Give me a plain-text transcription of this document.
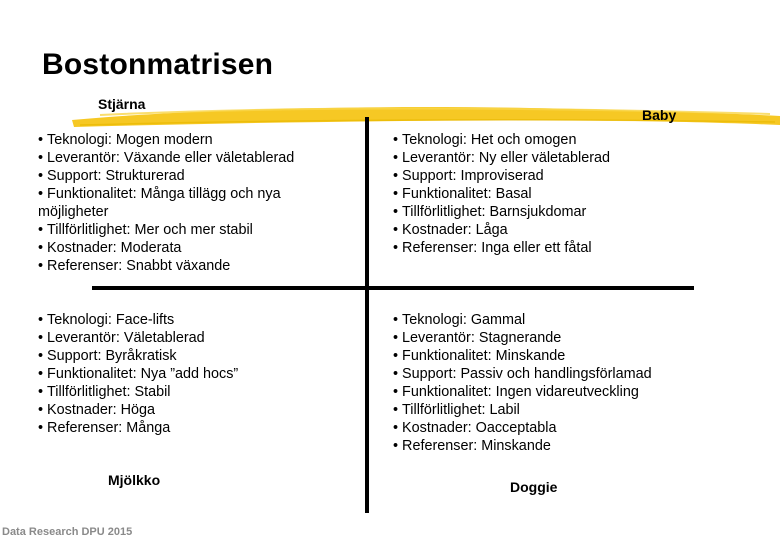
Bostonmatrisen
Stjärna
Baby
• Teknologi: Mogen modern
• Leverantör: Växande eller väletablerad
• Support: Strukturerad
• Funktionalitet: Många tillägg och nya möjligheter
• Tillförlitlighet: Mer och mer stabil
• Kostnader: Moderata
• Referenser: Snabbt växande
• Teknologi: Het och omogen
• Leverantör: Ny eller väletablerad
• Support: Improviserad
• Funktionalitet: Basal
• Tillförlitlighet: Barnsjukdomar
• Kostnader: Låga
• Referenser: Inga eller ett fåtal
• Teknologi: Face-lifts
• Leverantör: Väletablerad
• Support: Byråkratisk
• Funktionalitet: Nya ”add hocs”
• Tillförlitlighet: Stabil
• Kostnader: Höga
• Referenser: Många
• Teknologi: Gammal
• Leverantör: Stagnerande
• Funktionalitet: Minskande
• Support: Passiv och handlingsförlamad
• Funktionalitet: Ingen vidareutveckling
• Tillförlitlighet: Labil
• Kostnader: Oacceptabla
• Referenser: Minskande
Mjölkko	Doggie
Data Research DPU 2015
